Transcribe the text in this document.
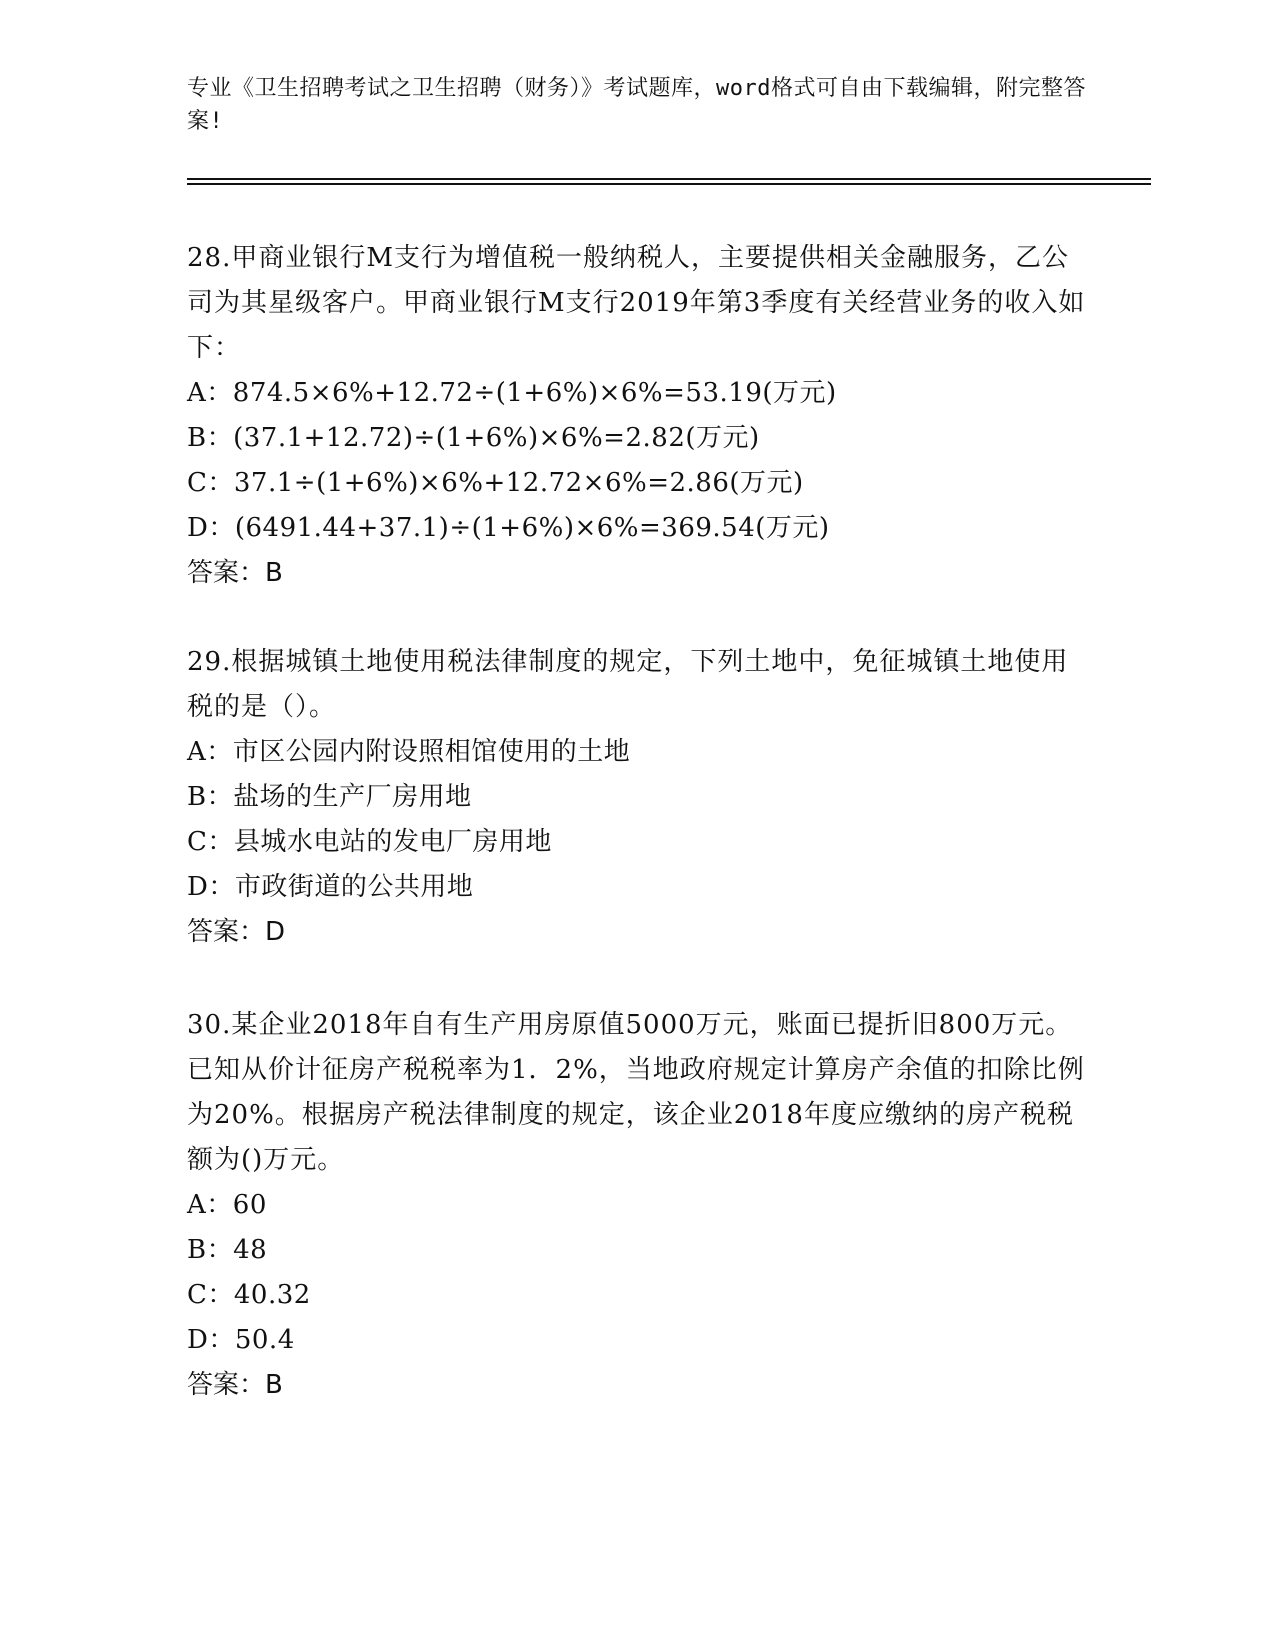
专业《卫生招聘考试之卫生招聘（财务）》考试题库，word格式可自由下载编辑，附完整答案!

28.甲商业银行M支行为增值税一般纳税人，主要提供相关金融服务，乙公司为其星级客户。甲商业银行M支行2019年第3季度有关经营业务的收入如下：

A：874.5×6%+12.72÷(1+6%)×6%=53.19(万元)

B：(37.1+12.72)÷(1+6%)×6%=2.82(万元)

C：37.1÷(1+6%)×6%+12.72×6%=2.86(万元)

D：(6491.44+37.1)÷(1+6%)×6%=369.54(万元)

答案：B

29.根据城镇土地使用税法律制度的规定，下列土地中，免征城镇土地使用税的是（）。

A：市区公园内附设照相馆使用的土地

B：盐场的生产厂房用地

C：县城水电站的发电厂房用地

D：市政街道的公共用地

答案：D

30.某企业2018年自有生产用房原值5000万元，账面已提折旧800万元。已知从价计征房产税税率为1．2%，当地政府规定计算房产余值的扣除比例为20%。根据房产税法律制度的规定，该企业2018年度应缴纳的房产税税额为()万元。

A：60

B：48

C：40.32

D：50.4

答案：B
